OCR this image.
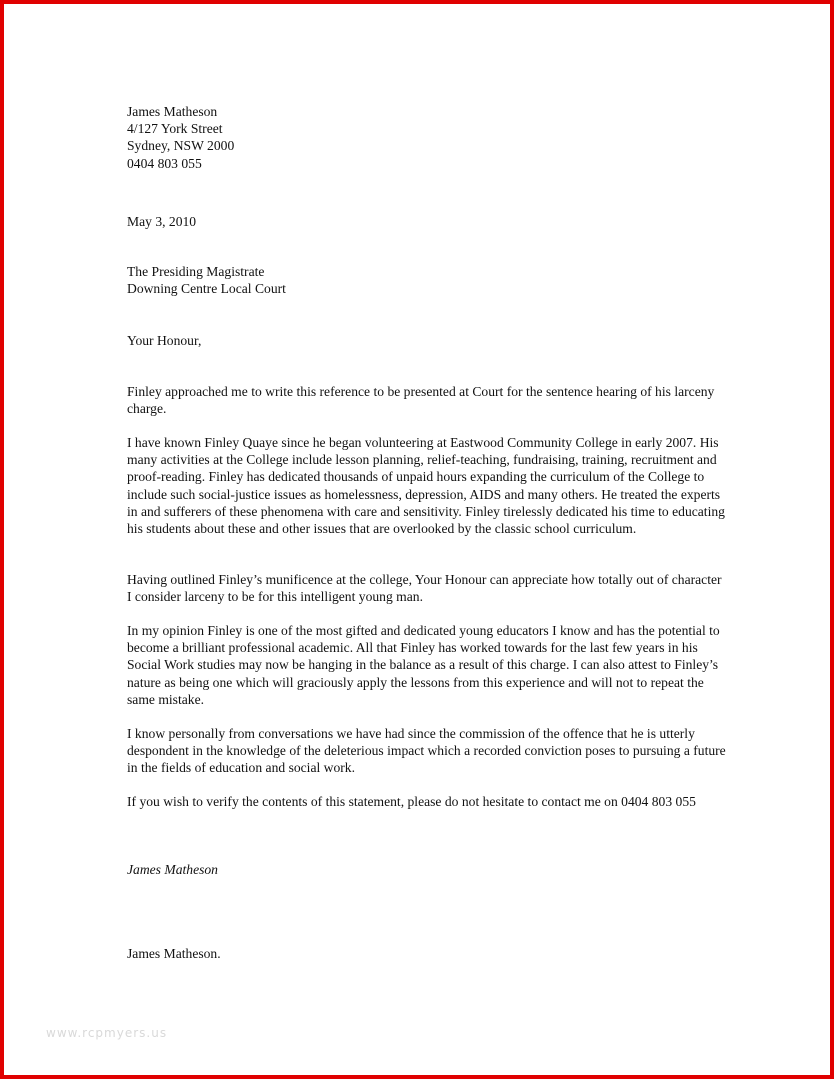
James Matheson

4/127 York Street

Sydney, NSW 2000

0404 803 055

May 3, 2010

The Presiding Magistrate

Downing Centre Local Court

Your Honour,

Finley approached me to write this reference to be presented at Court for the sentence hearing of his larceny charge.

I have known Finley Quaye since he began volunteering at Eastwood Community College in early 2007. His many activities at the College include lesson planning, relief-teaching, fundraising, training, recruitment and proof-reading. Finley has dedicated thousands of unpaid hours expanding the curriculum of the College to include such social-justice issues as homelessness, depression, AIDS and many others. He treated the experts in and sufferers of these phenomena with care and sensitivity. Finley tirelessly dedicated his time to educating his students about these and other issues that are overlooked by the classic school curriculum.

Having outlined Finley’s munificence at the college, Your Honour can appreciate how totally out of character I consider larceny to be for this intelligent young man.

In my opinion Finley is one of the most gifted and dedicated young educators I know and has the potential to become a brilliant professional academic. All that Finley has worked towards for the last few years in his Social Work studies may now be hanging in the balance as a result of this charge. I can also attest to Finley’s nature as being one which will graciously apply the lessons from this experience and will not to repeat the same mistake.

I know personally from conversations we have had since the commission of the offence that he is utterly despondent in the knowledge of the deleterious impact which a recorded conviction poses to pursuing a future in the fields of education and social work.

If you wish to verify the contents of this statement, please do not hesitate to contact me on 0404 803 055

James Matheson

James Matheson.

www.rcpmyers.us
